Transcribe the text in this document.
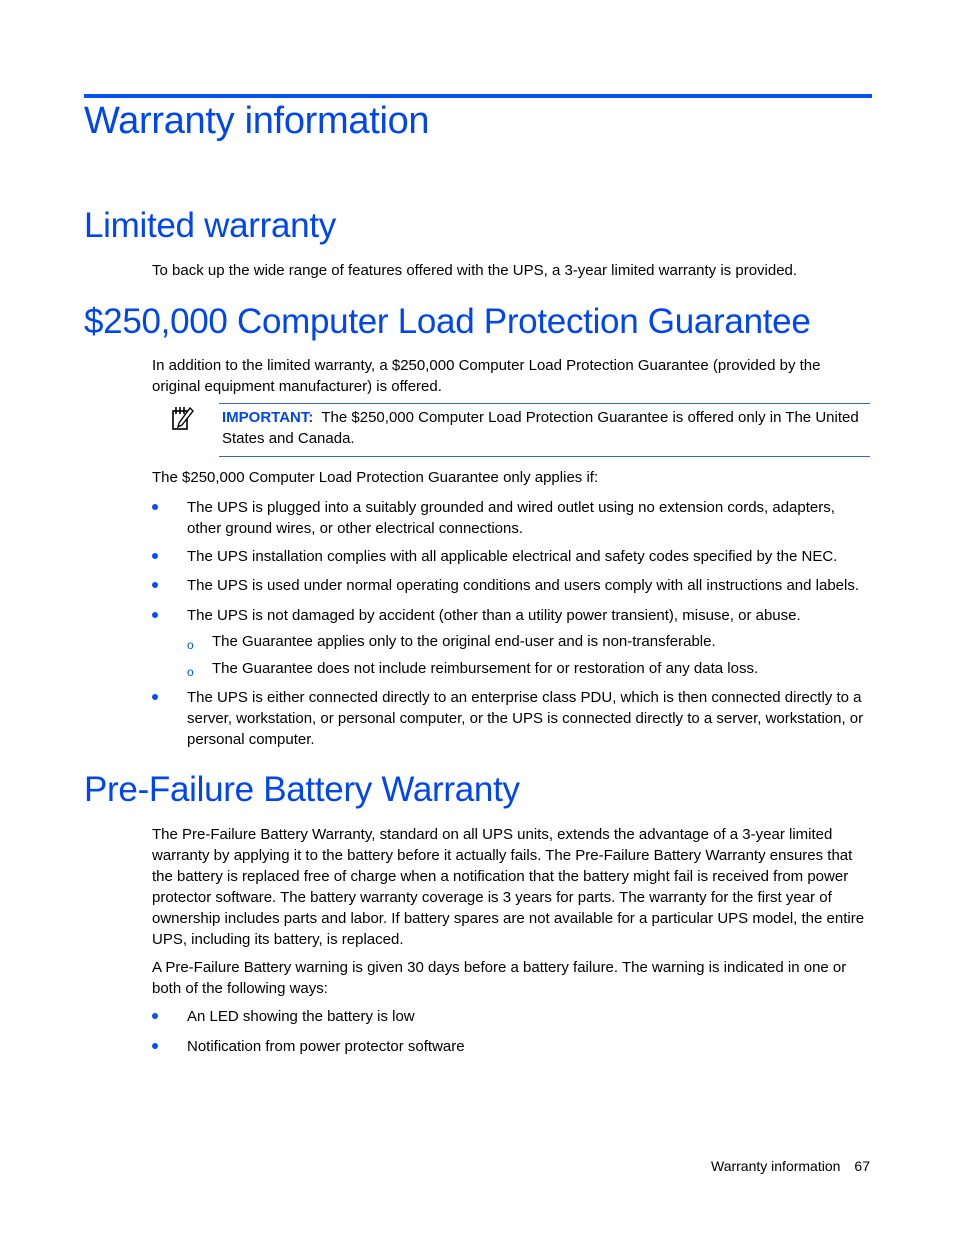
Warranty information
Limited warranty

To back up the wide range of features offered with the UPS, a 3-year limited warranty is provided.

$250,000 Computer Load Protection Guarantee

In addition to the limited warranty, a $250,000 Computer Load Protection Guarantee (provided by the original equipment manufacturer) is offered.

IMPORTANT: The $250,000 Computer Load Protection Guarantee is offered only in The United States and Canada.

The $250,000 Computer Load Protection Guarantee only applies if:

The UPS is plugged into a suitably grounded and wired outlet using no extension cords, adapters, other ground wires, or other electrical connections.
The UPS installation complies with all applicable electrical and safety codes specified by the NEC.
The UPS is used under normal operating conditions and users comply with all instructions and labels.
The UPS is not damaged by accident (other than a utility power transient), misuse, or abuse.
o The Guarantee applies only to the original end-user and is non-transferable.
o The Guarantee does not include reimbursement for or restoration of any data loss.
The UPS is either connected directly to an enterprise class PDU, which is then connected directly to a server, workstation, or personal computer, or the UPS is connected directly to a server, workstation, or personal computer.
Pre-Failure Battery Warranty

The Pre-Failure Battery Warranty, standard on all UPS units, extends the advantage of a 3-year limited warranty by applying it to the battery before it actually fails. The Pre-Failure Battery Warranty ensures that the battery is replaced free of charge when a notification that the battery might fail is received from power protector software. The battery warranty coverage is 3 years for parts. The warranty for the first year of ownership includes parts and labor. If battery spares are not available for a particular UPS model, the entire UPS, including its battery, is replaced.

A Pre-Failure Battery warning is given 30 days before a battery failure. The warning is indicated in one or both of the following ways:

An LED showing the battery is low
Notification from power protector software
Warranty information 67
